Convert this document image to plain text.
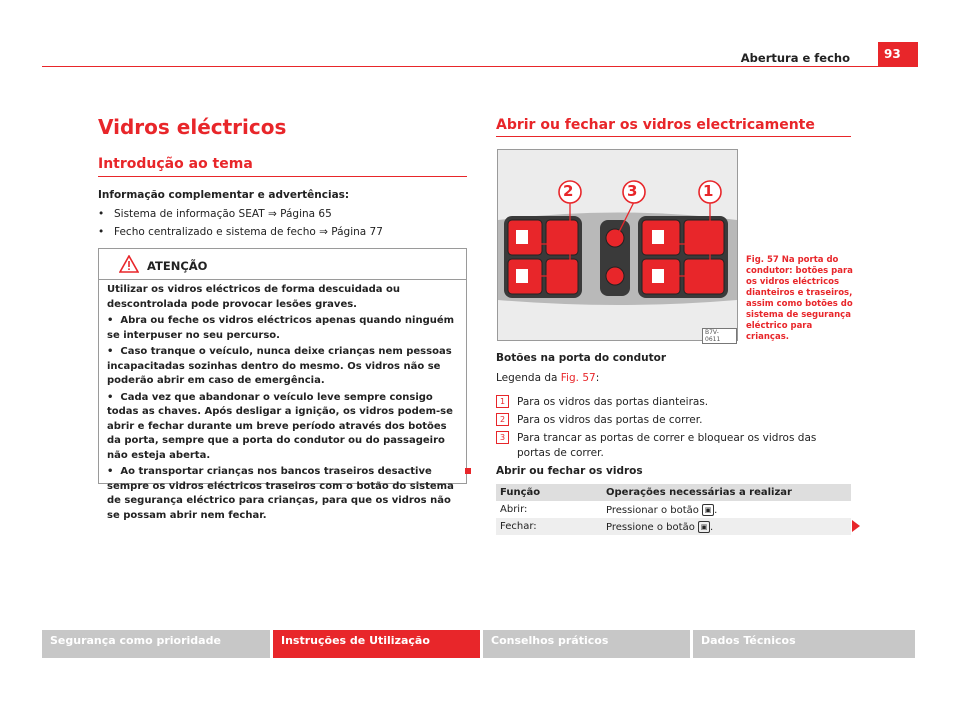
Abertura e fecho	93
Vidros eléctricos
Introdução ao tema
Informação complementar e advertências:
• Sistema de informação SEAT ⇒ Página 65
• Fecho centralizado e sistema de fecho ⇒ Página 77
ATENÇÃO

Utilizar os vidros eléctricos de forma descuidada ou descontrolada pode provocar lesões graves.

•  Abra ou feche os vidros eléctricos apenas quando ninguém se interpuser no seu percurso.

•  Caso tranque o veículo, nunca deixe crianças nem pessoas incapacitadas sozinhas dentro do mesmo. Os vidros não se poderão abrir em caso de emergência.

•  Cada vez que abandonar o veículo leve sempre consigo todas as chaves. Após desligar a ignição, os vidros podem-se abrir e fechar durante um breve período através dos botões da porta, sempre que a porta do condutor ou do passageiro não esteja aberta.

•  Ao transportar crianças nos bancos traseiros desactive sempre os vidros eléctricos traseiros com o botão do sistema de segurança eléctrico para crianças, para que os vidros não se possam abrir nem fechar.

Abrir ou fechar os vidros electricamente
2	3	1
B7V-0611
Fig. 57 Na porta do condutor: botões para os vidros eléctricos dianteiros e traseiros, assim como botões do sistema de segurança eléctrico para crianças.
Botões na porta do condutor
Legenda da Fig. 57:
1 Para os vidros das portas dianteiras.
2 Para os vidros das portas de correr.
3 Para trancar as portas de correr e bloquear os vidros das portas de correr.
Abrir ou fechar os vidros
Função	Operações necessárias a realizar
Abrir:	Pressionar o botão ▣ .
Fechar:	Pressione o botão ▣ .
Segurança como prioridade	Instruções de Utilização	Conselhos práticos	Dados Técnicos
